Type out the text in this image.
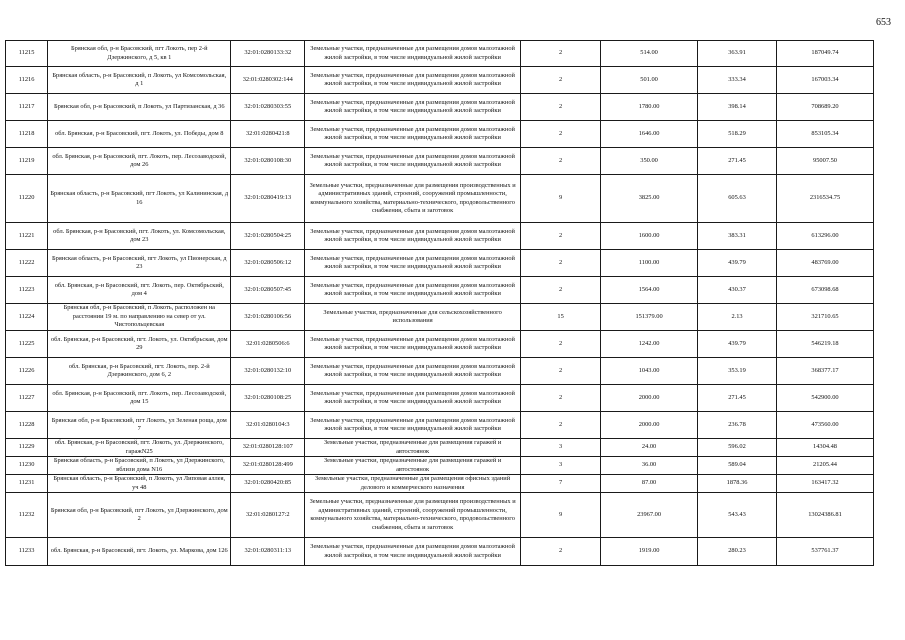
653
11215	Брянская обл, р-н Брасовский, пгт Локоть, пер 2-й Дзержинского, д 5, кв 1	32:01:0280133:32	Земельные участки, предназначенные для размещения домов малоэтажной жилой застройки, в том числе индивидуальной жилой застройки	2	514.00	363.91	187049.74
11216	Брянская область, р-н Брасовский, п Локоть, ул Комсомольская, д 1	32:01:0280302:144	Земельные участки, предназначенные для размещения домов малоэтажной жилой застройки, в том числе индивидуальной жилой застройки	2	501.00	333.34	167003.34
11217	Брянская обл, р-н Брасовский, п Локоть, ул Партизанская, д 36	32:01:0280303:55	Земельные участки, предназначенные для размещения домов малоэтажной жилой застройки, в том числе индивидуальной жилой застройки	2	1780.00	398.14	708689.20
11218	обл. Брянская, р-н Брасовский, пгт. Локоть, ул. Победы, дом 8	32:01:0280421:8	Земельные участки, предназначенные для размещения домов малоэтажной жилой застройки, в том числе индивидуальной жилой застройки	2	1646.00	518.29	853105.34
11219	обл. Брянская, р-н Брасовский, пгт. Локоть, пер. Лесозаводской, дом 26	32:01:0280108:30	Земельные участки, предназначенные для размещения домов малоэтажной жилой застройки, в том числе индивидуальной жилой застройки	2	350.00	271.45	95007.50
11220	Брянская область, р-н Брасовский, пгт Локоть, ул Калининская, д 16	32:01:0280419:13	Земельные участки, предназначенные для размещения производственных и административных зданий, строений, сооружений промышленности, коммунального хозяйства, материально-технического, продовольственного снабжения, сбыта и заготовок	9	3825.00	605.63	2316534.75
11221	обл. Брянская, р-н Брасовский, пгт. Локоть, ул. Комсомольская, дом 23	32:01:0280504:25	Земельные участки, предназначенные для размещения домов малоэтажной жилой застройки, в том числе индивидуальной жилой застройки	2	1600.00	383.31	613296.00
11222	Брянская область, р-н Брасовский, пгт Локоть, ул Пионерская, д 23	32:01:0280506:12	Земельные участки, предназначенные для размещения домов малоэтажной жилой застройки, в том числе индивидуальной жилой застройки	2	1100.00	439.79	483769.00
11223	обл. Брянская, р-н Брасовский, пгт. Локоть, пер. Октябрьский, дом 4	32:01:0280507:45	Земельные участки, предназначенные для размещения домов малоэтажной жилой застройки, в том числе индивидуальной жилой застройки	2	1564.00	430.37	673098.68
11224	Брянская обл, р-н Брасовский, п Локоть, расположен на расстоянии 19 м. по направлению на север от ул. Чистопольцевская	32:01:0280106:56	Земельные участки, предназначенные для сельскохозяйственного использования	15	151379.00	2.13	321710.65
11225	обл. Брянская, р-н Брасовский, пгт. Локоть, ул. Октябрьская, дом 29	32:01:0280506:6	Земельные участки, предназначенные для размещения домов малоэтажной жилой застройки, в том числе индивидуальной жилой застройки	2	1242.00	439.79	546219.18
11226	обл. Брянская, р-н Брасовский, пгт. Локоть, пер. 2-й Дзержинского, дом 6, 2	32:01:0280132:10	Земельные участки, предназначенные для размещения домов малоэтажной жилой застройки, в том числе индивидуальной жилой застройки	2	1043.00	353.19	368377.17
11227	обл. Брянская, р-н Брасовский, пгт. Локоть, пер. Лесозаводской, дом 15	32:01:0280108:25	Земельные участки, предназначенные для размещения домов малоэтажной жилой застройки, в том числе индивидуальной жилой застройки	2	2000.00	271.45	542900.00
11228	Брянская обл, р-н Брасовский, пгт Локоть, ул Зеленая роща, дом 7	32:01:0280104:3	Земельные участки, предназначенные для размещения домов малоэтажной жилой застройки, в том числе индивидуальной жилой застройки	2	2000.00	236.78	473560.00
11229	обл. Брянская, р-н Брасовский, пгт. Локоть, ул. Дзержинского, гаражN25	32:01:0280128:107	Земельные участки, предназначенные для размещения гаражей и автостоянок	3	24.00	596.02	14304.48
11230	Брянская область, р-н Брасовский, п Локоть, ул Дзержинского, вблизи дома N16	32:01:0280128:499	Земельные участки, предназначенные для размещения гаражей и автостоянок	3	36.00	589.04	21205.44
11231	Брянская область, р-н Брасовский, п Локоть, ул Липовая аллея, уч 48	32:01:0280420:85	Земельные участки, предназначенные для размещения офисных зданий делового и коммерческого назначения	7	87.00	1878.36	163417.32
11232	Брянская обл, р-н Брасовский, пгт Локоть, ул Дзержинского, дом 2	32:01:0280127:2	Земельные участки, предназначенные для размещения производственных и административных зданий, строений, сооружений промышленности, коммунального хозяйства, материально-технического, продовольственного снабжения, сбыта и заготовок	9	23967.00	543.43	13024386.81
11233	обл. Брянская, р-н Брасовский, пгт. Локоть, ул. Маркова, дом 126	32:01:0280311:13	Земельные участки, предназначенные для размещения домов малоэтажной жилой застройки, в том числе индивидуальной жилой застройки	2	1919.00	280.23	537761.37
